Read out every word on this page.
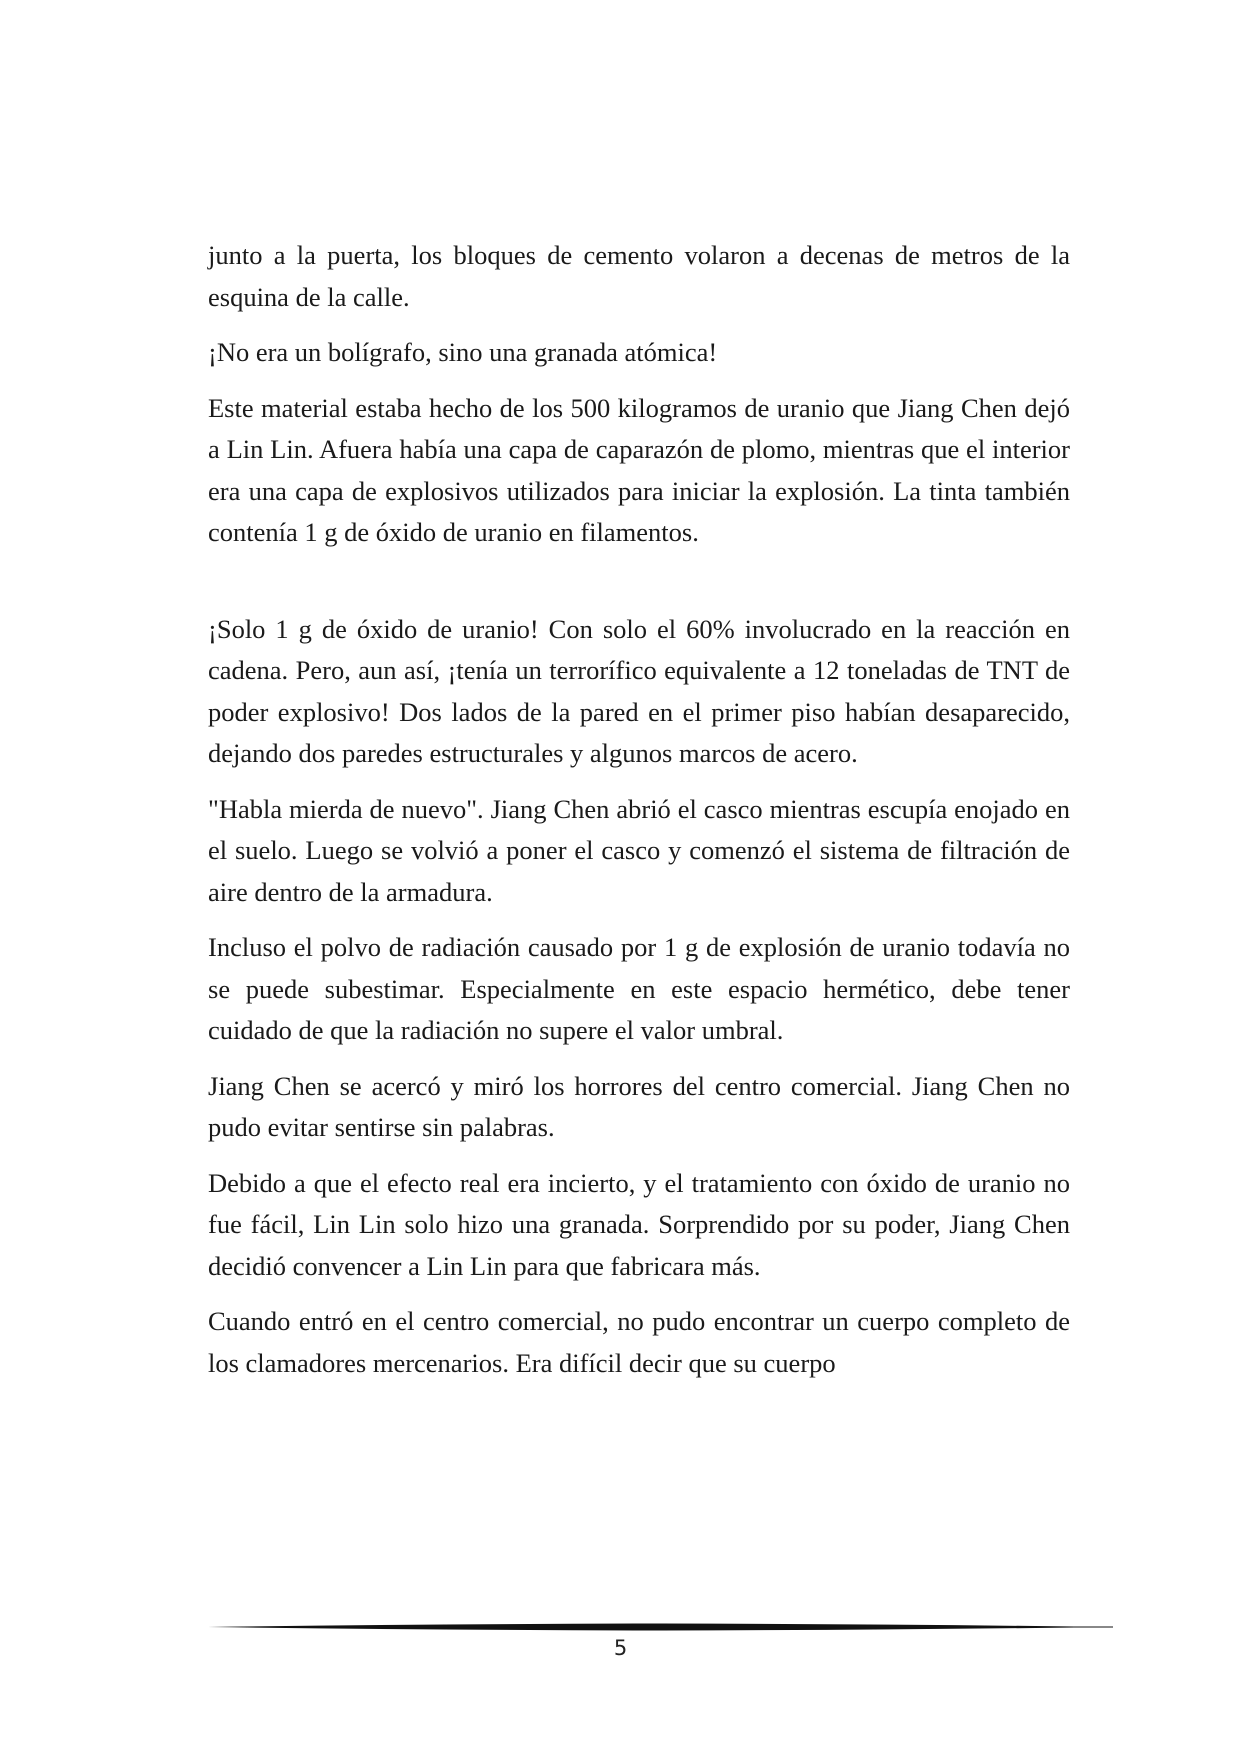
junto a la puerta, los bloques de cemento volaron a decenas de metros de la esquina de la calle.

¡No era un bolígrafo, sino una granada atómica!

Este material estaba hecho de los 500 kilogramos de uranio que Jiang Chen dejó a Lin Lin. Afuera había una capa de caparazón de plomo, mientras que el interior era una capa de explosivos utilizados para iniciar la explosión. La tinta también contenía 1 g de óxido de uranio en filamentos.

¡Solo 1 g de óxido de uranio! Con solo el 60% involucrado en la reacción en cadena. Pero, aun así, ¡tenía un terrorífico equivalente a 12 toneladas de TNT de poder explosivo! Dos lados de la pared en el primer piso habían desaparecido, dejando dos paredes estructurales y algunos marcos de acero.

"Habla mierda de nuevo". Jiang Chen abrió el casco mientras escupía enojado en el suelo. Luego se volvió a poner el casco y comenzó el sistema de filtración de aire dentro de la armadura.

Incluso el polvo de radiación causado por 1 g de explosión de uranio todavía no se puede subestimar. Especialmente en este espacio hermético, debe tener cuidado de que la radiación no supere el valor umbral.

Jiang Chen se acercó y miró los horrores del centro comercial. Jiang Chen no pudo evitar sentirse sin palabras.

Debido a que el efecto real era incierto, y el tratamiento con óxido de uranio no fue fácil, Lin Lin solo hizo una granada. Sorprendido por su poder, Jiang Chen decidió convencer a Lin Lin para que fabricara más.

Cuando entró en el centro comercial, no pudo encontrar un cuerpo completo de los clamadores mercenarios. Era difícil decir que su cuerpo

5
